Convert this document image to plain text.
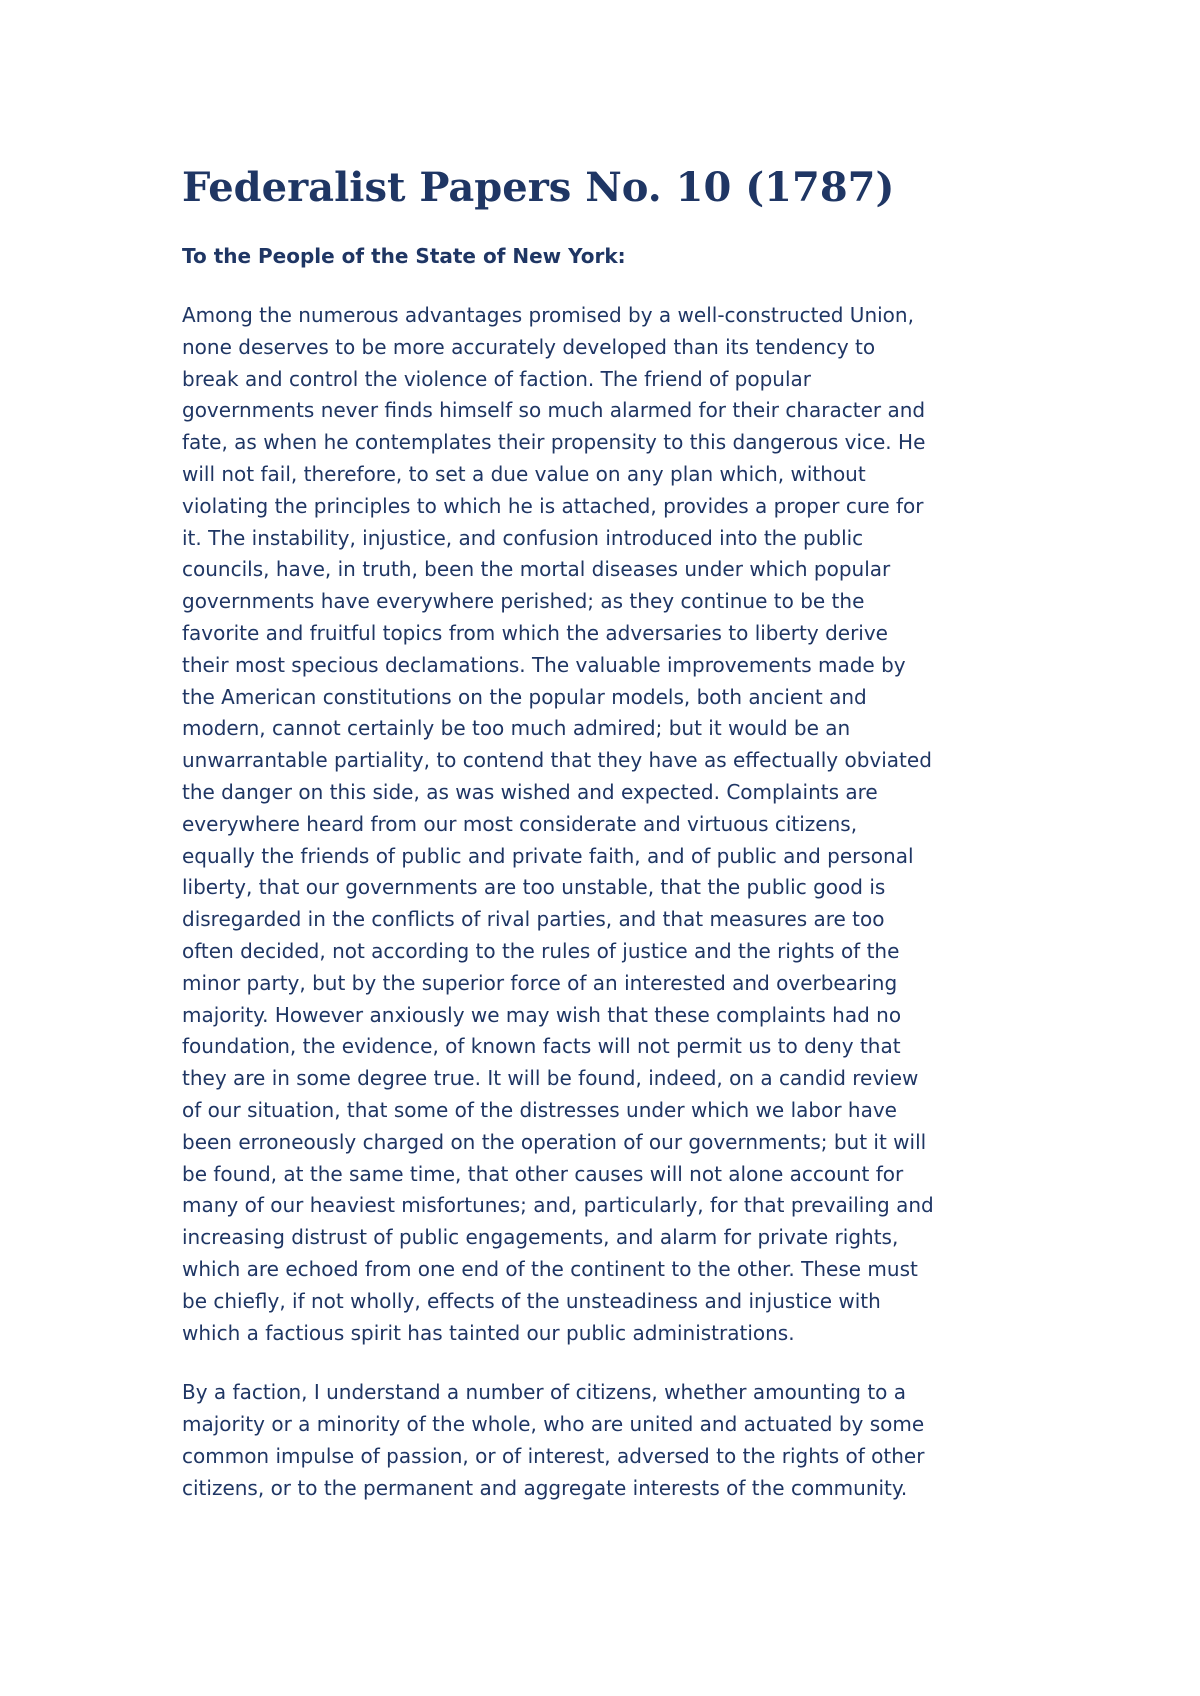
Federalist Papers No. 10 (1787)

To the People of the State of New York:

Among the numerous advantages promised by a well-constructed Union,
none deserves to be more accurately developed than its tendency to
break and control the violence of faction. The friend of popular
governments never finds himself so much alarmed for their character and
fate, as when he contemplates their propensity to this dangerous vice. He
will not fail, therefore, to set a due value on any plan which, without
violating the principles to which he is attached, provides a proper cure for
it. The instability, injustice, and confusion introduced into the public
councils, have, in truth, been the mortal diseases under which popular
governments have everywhere perished; as they continue to be the
favorite and fruitful topics from which the adversaries to liberty derive
their most specious declamations. The valuable improvements made by
the American constitutions on the popular models, both ancient and
modern, cannot certainly be too much admired; but it would be an
unwarrantable partiality, to contend that they have as effectually obviated
the danger on this side, as was wished and expected. Complaints are
everywhere heard from our most considerate and virtuous citizens,
equally the friends of public and private faith, and of public and personal
liberty, that our governments are too unstable, that the public good is
disregarded in the conflicts of rival parties, and that measures are too
often decided, not according to the rules of justice and the rights of the
minor party, but by the superior force of an interested and overbearing
majority. However anxiously we may wish that these complaints had no
foundation, the evidence, of known facts will not permit us to deny that
they are in some degree true. It will be found, indeed, on a candid review
of our situation, that some of the distresses under which we labor have
been erroneously charged on the operation of our governments; but it will
be found, at the same time, that other causes will not alone account for
many of our heaviest misfortunes; and, particularly, for that prevailing and
increasing distrust of public engagements, and alarm for private rights,
which are echoed from one end of the continent to the other. These must
be chiefly, if not wholly, effects of the unsteadiness and injustice with
which a factious spirit has tainted our public administrations.

By a faction, I understand a number of citizens, whether amounting to a
majority or a minority of the whole, who are united and actuated by some
common impulse of passion, or of interest, adversed to the rights of other
citizens, or to the permanent and aggregate interests of the community.
